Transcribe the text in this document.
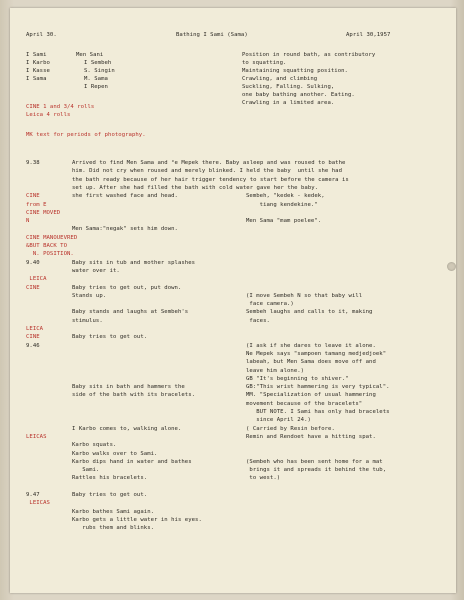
April 30.	Bathing I Sami (Sama)	April 30,1957
I Sami
I Karbo
I Kasse
I Sama
Men Sani
I Sembeh
S. Singin
M. Sama
I Repen
Position in round bath, as contributory
to squatting.
Maintaining squatting position.
Crawling, and climbing
Suckling, Falling. Sulking,
one baby bathing another. Eating.
Crawling in a limited area.
CINE 1 and 3/4 rolls
Leica 4 rolls
MK text for periods of photography.
9.38	Arrived to find Men Sama and °e Mepek there. Baby asleep and was roused to bathe
him. Did not cry when roused and merely blinked. I held the baby  until she had
the bath ready because of her hair trigger tendency to start before the camera is
set up. After she had filled the bath with cold water gave her the baby.
CINE	she first washed face and head.	Sembeh, "kedek - kedek,
from E	tiang kendekine."
CINE MOVED
N	Men Sama "mam poelee".
Men Sama:"negak" sets him down.
CINE MANOUEVRED
&BUT BACK TO
N. POSITION.
9.40	Baby sits in tub and mother splashes
water over it.
LEICA
CINE	Baby tries to get out, put down.
Stands up.	(I move Sembeh N so that baby will
face camera.)
Baby stands and laughs at Sembeh's	Sembeh laughs and calls to it, making
stimulus.	faces.
LEICA
CINE	Baby tries to get out.
9.46	(I ask if she dares to leave it alone.
Ne Mepek says "sampoen tamang medjedjoek"
labeah, but Men Sama does move off and
leave him alone.)
GB "It's beginning to shiver."
Baby sits in bath and hammers the	GB:"This wrist hammering is very typical".
side of the bath with its bracelets.	MM. "Specialization of usual hammering
movement because of the bracelets"
BUT NOTE. I Sami has only had bracelets
since April 24.)
I Karbo comes to, walking alone.	( Carried by Resin before.
LEICAS	Remin and Rendoet have a hitting spat.
Karbo squats.
Karbo walks over to Sami.
Karbo dips hand in water and bathes	(Sembeh who has been sent home for a mat
Sami.	brings it and spreads it behind the tub,
Rattles his bracelets.	to west.)
9.47	Baby tries to get out.
LEICAS
Karbo bathes Sami again.
Karbo gets a little water in his eyes.
rubs them and blinks.
